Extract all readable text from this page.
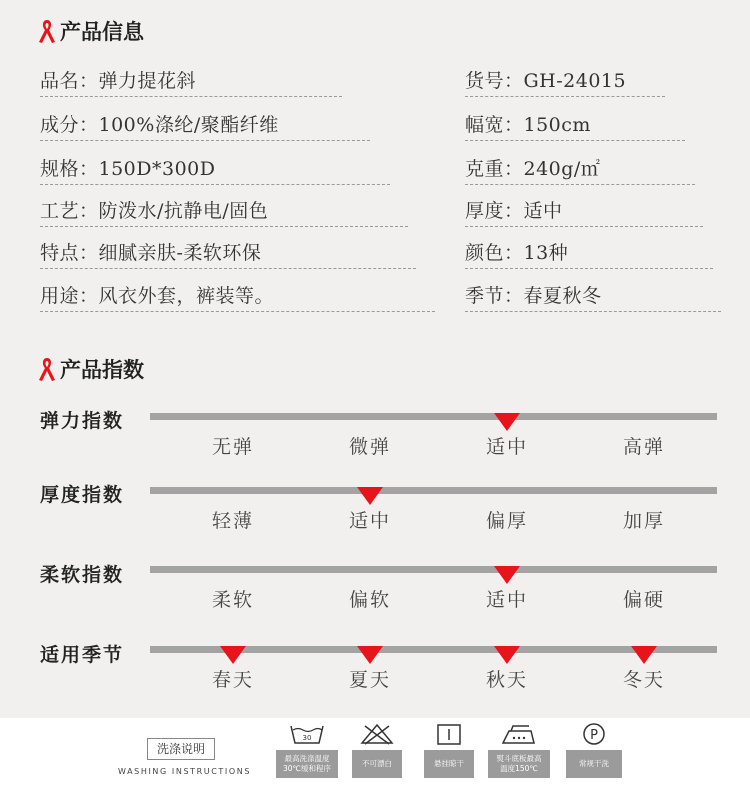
产品信息
品名：弹力提花斜	货号：GH-24015
成分：100%涤纶/聚酯纤维	幅宽：150cm
规格：150D*300D	克重：240g/㎡
工艺：防泼水/抗静电/固色	厚度：适中
特点：细腻亲肤-柔软环保	颜色：13种
用途：风衣外套，裤装等。	季节：春夏秋冬
产品指数
弹力指数
无弹	微弹	适中	高弹
厚度指数
轻薄	适中	偏厚	加厚
柔软指数
柔软	偏软	适中	偏硬
适用季节
春天	夏天	秋天	冬天
洗涤说明
WASHING INSTRUCTIONS
30
最高洗涤温度
30℃缓和程序
不可漂白	悬挂晾干
熨斗底板最高
温度150℃
P
常规干洗
